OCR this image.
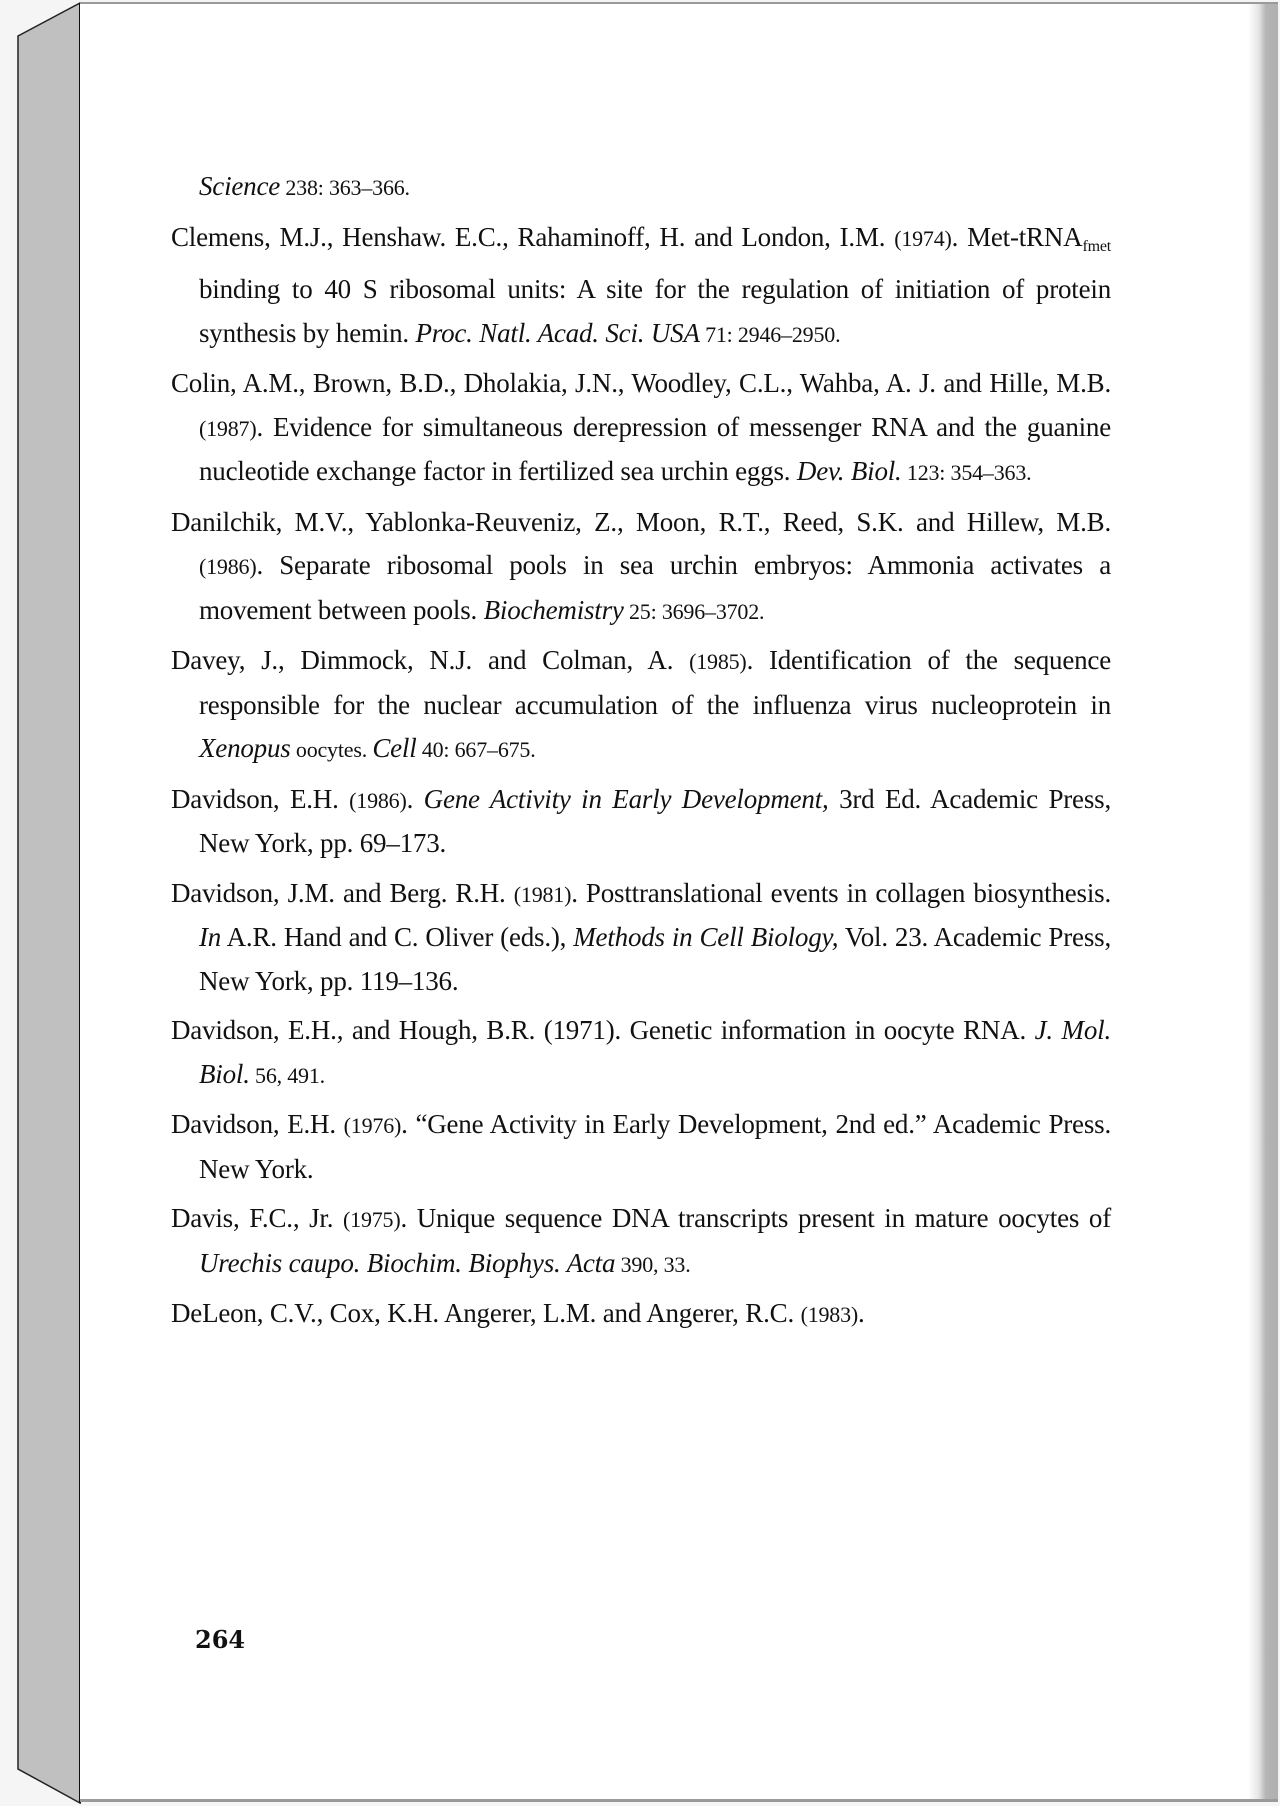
Science 238: 363–366.

Clemens, M.J., Henshaw. E.C., Rahaminoff, H. and London, I.M. (1974). Met-tRNA$_{fmet}$ binding to 40 S ribosomal units: A site for the regulation of initiation of protein synthesis by hemin. Proc. Natl. Acad. Sci. USA 71: 2946–2950.

Colin, A.M., Brown, B.D., Dholakia, J.N., Woodley, C.L., Wahba, A. J. and Hille, M.B. (1987). Evidence for simultaneous derepression of messenger RNA and the guanine nucleotide exchange factor in fertilized sea urchin eggs. Dev. Biol. 123: 354–363.

Danilchik, M.V., Yablonka-Reuveniz, Z., Moon, R.T., Reed, S.K. and Hillew, M.B. (1986). Separate ribosomal pools in sea urchin embryos: Ammonia activates a movement between pools. Biochemistry 25: 3696–3702.

Davey, J., Dimmock, N.J. and Colman, A. (1985). Identification of the sequence responsible for the nuclear accumulation of the influenza virus nucleoprotein in Xenopus oocytes. Cell 40: 667–675.

Davidson, E.H. (1986). Gene Activity in Early Development, 3rd Ed. Academic Press, New York, pp. 69–173.

Davidson, J.M. and Berg. R.H. (1981). Posttranslational events in collagen biosynthesis. In A.R. Hand and C. Oliver (eds.), Methods in Cell Biology, Vol. 23. Academic Press, New York, pp. 119–136.

Davidson, E.H., and Hough, B.R. (1971). Genetic information in oocyte RNA. J. Mol. Biol. 56, 491.

Davidson, E.H. (1976). “Gene Activity in Early Development, 2nd ed.” Academic Press. New York.

Davis, F.C., Jr. (1975). Unique sequence DNA transcripts present in mature oocytes of Urechis caupo. Biochim. Biophys. Acta 390, 33.

DeLeon, C.V., Cox, K.H. Angerer, L.M. and Angerer, R.C. (1983).

264
